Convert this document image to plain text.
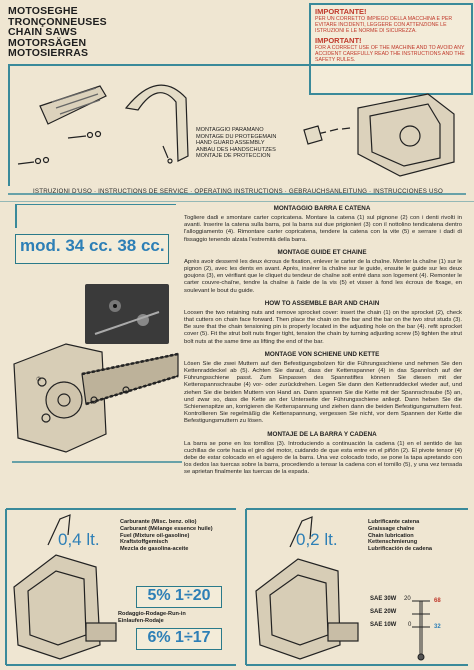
MOTOSEGHE
TRONÇONNEUSES
CHAIN SAWS
MOTORSÄGEN
MOTOSIERRAS
IMPORTANTE!
PER UN CORRETTO IMPIEGO DELLA MACCHINA E PER EVITARE INCIDENTI, LEGGERE CON ATTENZIONE LE ISTRUZIONI E LE NORME DI SICUREZZA.
IMPORTANT!
FOR A CORRECT USE OF THE MACHINE AND TO AVOID ANY ACCIDENT CAREFULLY READ THE INSTRUCTIONS AND THE SAFETY RULES.
MONTAGGIO PARAMANO
MONTAGE DU PROTEGEMAIN
HAND GUARD ASSEMBLY
ANBAU DES HANDSCHUTZES
MONTAJE DE PROTECCION
ISTRUZIONI D'USO · INSTRUCTIONS DE SERVICE · OPERATING INSTRUCTIONS · GEBRAUCHSANLEITUNG · INSTRUCCIONES USO
②
mod. 34 cc. 38 cc.
MONTAGGIO BARRA E CATENA
Togliere dadi e smontare carter copricatena. Montare la catena (1) sul pignone (2) con i denti rivolti in avanti. Inserire la catena sulla barra, poi la barra sui due prigionieri (3) con il nottolino tendicatena dentro l'alloggiamento (4). Rimontare carter copricatena, tendere la catena con la vite (5) e serrare i dadi di fissaggio tenendo alzata l'estremità della barra.
MONTAGE GUIDE ET CHAINE
Après avoir desserré les deux écrous de fixation, enlever le carter de la chaîne. Monter la chaîne (1) sur le pignon (2), avec les dents en avant. Après, insérer la chaîne sur le guide, ensuite le guide sur les deux goujons (3), en vérifiant que le cliquet du tendeur de chaîne soit entré dans son logement (4). Remonter le carter couvre-chaîne, tendre la chaîne à l'aide de la vis (5) et visser à fond les écrous de fixage, en soulevant le bout du guide.
HOW TO ASSEMBLE BAR AND CHAIN
Loosen the two retaining nuts and remove sprocket cover: insert the chain (1) on the sprocket (2), check that cutters on chain face forward. Then place the chain on the bar and the bar on the two strut studs (3). Be sure that the chain tensioning pin is properly located in the adjusting hole on the bar (4). refit sprocket cover (5). Fit the strut bolt nuts finger tight, tension the chain by turning adjusting screw (5) tighten the strut bolt nuts at the same time as lifting the end of the bar.
MONTAGE VON SCHIENE UND KETTE
Lösen Sie die zwei Muttern auf den Befestigungsbolzen für die Führungsschiene und nehmen Sie den Kettenraddeckel ab (5). Achten Sie darauf, dass der Kettenspanner (4) in das Spannloch auf der Führungsschiene passt. Zum Einpassen des Spannstiftes können Sie diesen mit der Kettenspannschraube (4) vor- oder zurückdrehen. Legen Sie dann den Kettenraddeckel wieder auf, und ziehen Sie die beiden Muttern von Hand an. Dann spannen Sie die Kette mit der Spannschraube (5) an, und zwar so, dass die Kette an der Unterseite der Führungsschiene anliegt. Dann heben Sie die Schienenspitze an, korrigieren die Kettenspannung und ziehen dann die beiden Befestigungsmuttern fest. Kontrollieren Sie regelmäßig die Kettenspannung, vergessen Sie nicht, vor dem Spannen der Kette die Befestigungsmuttern zu lösen.
MONTAJE DE LA BARRA Y CADENA
La barra se pone en los tornillos (3). Introduciendo a continuación la cadena (1) en el sentido de las cuchillas de corte hacia el giro del motor, cuidando de que esta entre en el piñón (2). El pivote tensor (4) debe de estar colocado en el agujero de la barra. Una vez colocado todo, se pone la tapa apretando con los dedos las tuercas sobre la barra, procediendo a tensar la cadena con el tornillo (5), y una vez tensada se aprietan finalmente las tuercas de la espada.
0,4 lt.
Carburante (Misc. benz. olio)
Carburant (Mélange essence huile)
Fuel (Mixture oil-gasoline)
Kraftstoffgemisch
Mezcla de gasolina-aceite
5% 1÷20
Rodaggio-Rodage-Run-in
Einlaufen-Rodaje
6% 1÷17
0,2 lt.
Lubrificante catena
Graissage chaîne
Chain lubrication
Kettenschmierung
Lubrificación de cadena
SAE 30W
SAE 20W
SAE 10W
20
0
68
32
